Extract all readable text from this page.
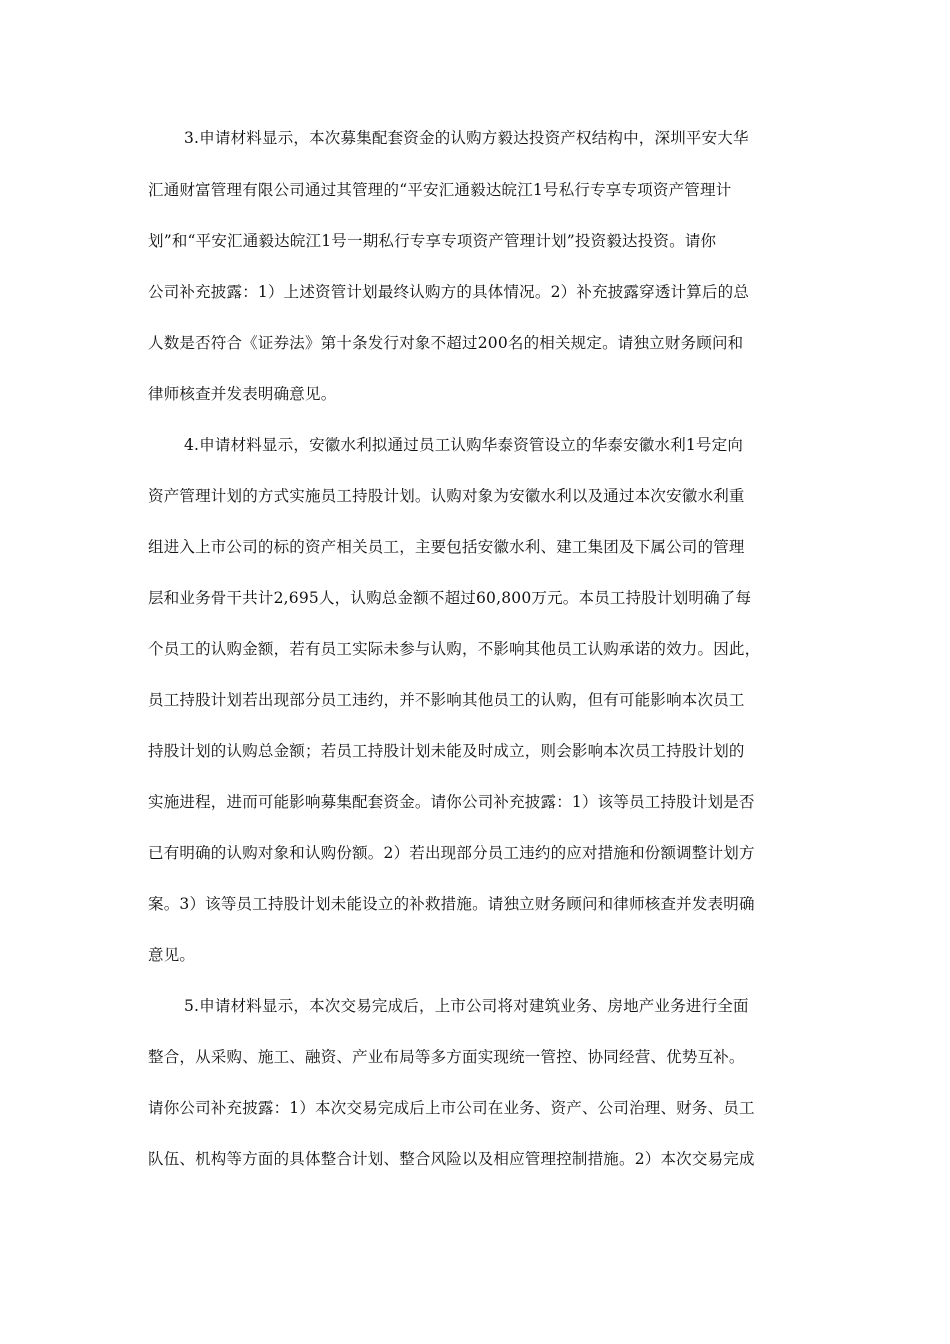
3.申请材料显示，本次募集配套资金的认购方毅达投资产权结构中，深圳平安大华
汇通财富管理有限公司通过其管理的“平安汇通毅达皖江1号私行专享专项资产管理计
划”和“平安汇通毅达皖江1号一期私行专享专项资产管理计划”投资毅达投资。请你
公司补充披露：1）上述资管计划最终认购方的具体情况。2）补充披露穿透计算后的总
人数是否符合《证券法》第十条发行对象不超过200名的相关规定。请独立财务顾问和
律师核查并发表明确意见。
4.申请材料显示，安徽水利拟通过员工认购华泰资管设立的华泰安徽水利1号定向
资产管理计划的方式实施员工持股计划。认购对象为安徽水利以及通过本次安徽水利重
组进入上市公司的标的资产相关员工，主要包括安徽水利、建工集团及下属公司的管理
层和业务骨干共计2,695人，认购总金额不超过60,800万元。本员工持股计划明确了每
个员工的认购金额，若有员工实际未参与认购，不影响其他员工认购承诺的效力。因此，
员工持股计划若出现部分员工违约，并不影响其他员工的认购，但有可能影响本次员工
持股计划的认购总金额；若员工持股计划未能及时成立，则会影响本次员工持股计划的
实施进程，进而可能影响募集配套资金。请你公司补充披露：1）该等员工持股计划是否
已有明确的认购对象和认购份额。2）若出现部分员工违约的应对措施和份额调整计划方
案。3）该等员工持股计划未能设立的补救措施。请独立财务顾问和律师核查并发表明确
意见。
5.申请材料显示，本次交易完成后，上市公司将对建筑业务、房地产业务进行全面
整合，从采购、施工、融资、产业布局等多方面实现统一管控、协同经营、优势互补。
请你公司补充披露：1）本次交易完成后上市公司在业务、资产、公司治理、财务、员工
队伍、机构等方面的具体整合计划、整合风险以及相应管理控制措施。2）本次交易完成
